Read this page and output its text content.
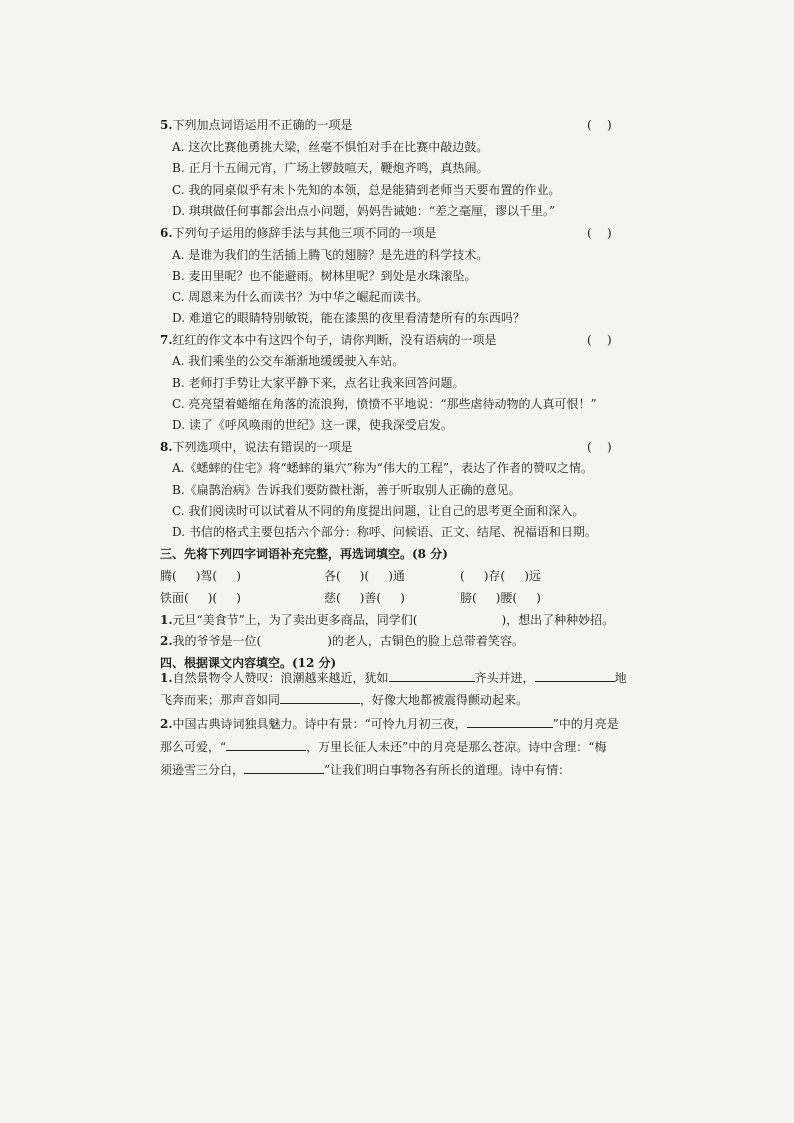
5.下列加点词语运用不正确的一项是	(    )
A. 这次比赛他勇挑大梁，丝毫不惧怕对手在比赛中敲边鼓。
B. 正月十五闹元宵，广场上锣鼓喧天，鞭炮齐鸣，真热闹。
C. 我的同桌似乎有未卜先知的本领，总是能猜到老师当天要布置的作业。
D. 琪琪做任何事都会出点小问题，妈妈告诫她：“差之毫厘，谬以千里。”
6.下列句子运用的修辞手法与其他三项不同的一项是	(    )
A. 是谁为我们的生活插上腾飞的翅膀？是先进的科学技术。
B. 麦田里呢？也不能避雨。树林里呢？到处是水珠滚坠。
C. 周恩来为什么而读书？为中华之崛起而读书。
D. 难道它的眼睛特别敏锐，能在漆黑的夜里看清楚所有的东西吗？
7.红红的作文本中有这四个句子，请你判断，没有语病的一项是	(    )
A. 我们乘坐的公交车渐渐地缓缓驶入车站。
B. 老师打手势让大家平静下来，点名让我来回答问题。
C. 亮亮望着蜷缩在角落的流浪狗，愤愤不平地说：“那些虐待动物的人真可恨！”
D. 读了《呼风唤雨的世纪》这一课，使我深受启发。
8.下列选项中，说法有错误的一项是	(    )
A.《蟋蟀的住宅》将“蟋蟀的巢穴”称为“伟大的工程”，表达了作者的赞叹之情。
B.《扁鹊治病》告诉我们要防微杜渐，善于听取别人正确的意见。
C. 我们阅读时可以试着从不同的角度提出问题，让自己的思考更全面和深入。
D. 书信的格式主要包括六个部分：称呼、问候语、正文、结尾、祝福语和日期。
三、先将下列四字词语补充完整，再选词填空。(8 分)
腾(     )驾(     )	各(     )(     )通	(     )存(     )远
铁面(     )(     )	慈(     )善(     )	膀(     )腰(     )
1.元旦“美食节”上，为了卖出更多商品，同学们(	)，想出了种种妙招。
2.我的爷爷是一位(	)的老人，古铜色的脸上总带着笑容。
四、根据课文内容填空。(12 分)
1.自然景物令人赞叹：浪潮越来越近，犹如	齐头并进，	地
飞奔而来；那声音如同	，好像大地都被震得颤动起来。
2.中国古典诗词独具魅力。诗中有景：“可怜九月初三夜，	”中的月亮是
那么可爱，“	，万里长征人未还”中的月亮是那么苍凉。诗中含理：“梅
须逊雪三分白，	”让我们明白事物各有所长的道理。诗中有情：
